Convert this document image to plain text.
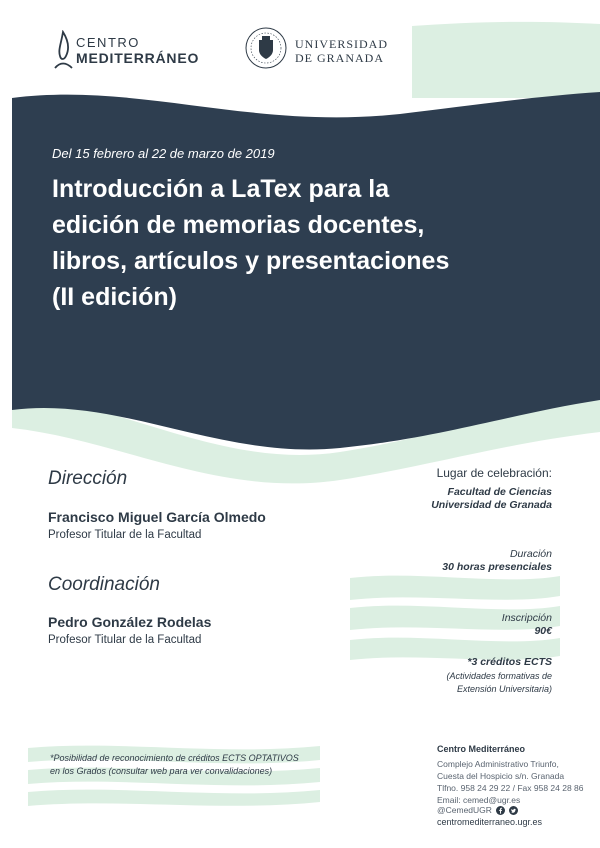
CENTRO
MEDITERRÁNEO
UNIVERSIDAD
DE GRANADA
Del 15 febrero al 22 de marzo de 2019
Introducción a LaTex para la
edición de memorias docentes,
libros, artículos y presentaciones
(II edición)
Dirección
Francisco Miguel García Olmedo
Profesor Titular de la Facultad
Coordinación
Pedro González Rodelas
Profesor Titular de la Facultad
Lugar de celebración:
Facultad de Ciencias
Universidad de Granada
Duración
30 horas presenciales
Inscripción
90€
*3 créditos ECTS
(Actividades formativas de
Extensión Universitaria)
*Posibilidad de reconocimiento de créditos ECTS OPTATIVOS
en los Grados (consultar web para ver convalidaciones)
Centro Mediterráneo
Complejo Administrativo Triunfo,
Cuesta del Hospicio s/n. Granada
Tlfno. 958 24 29 22 / Fax 958 24 28 86
Email: cemed@ugr.es
@CemedUGR
centromediterraneo.ugr.es
